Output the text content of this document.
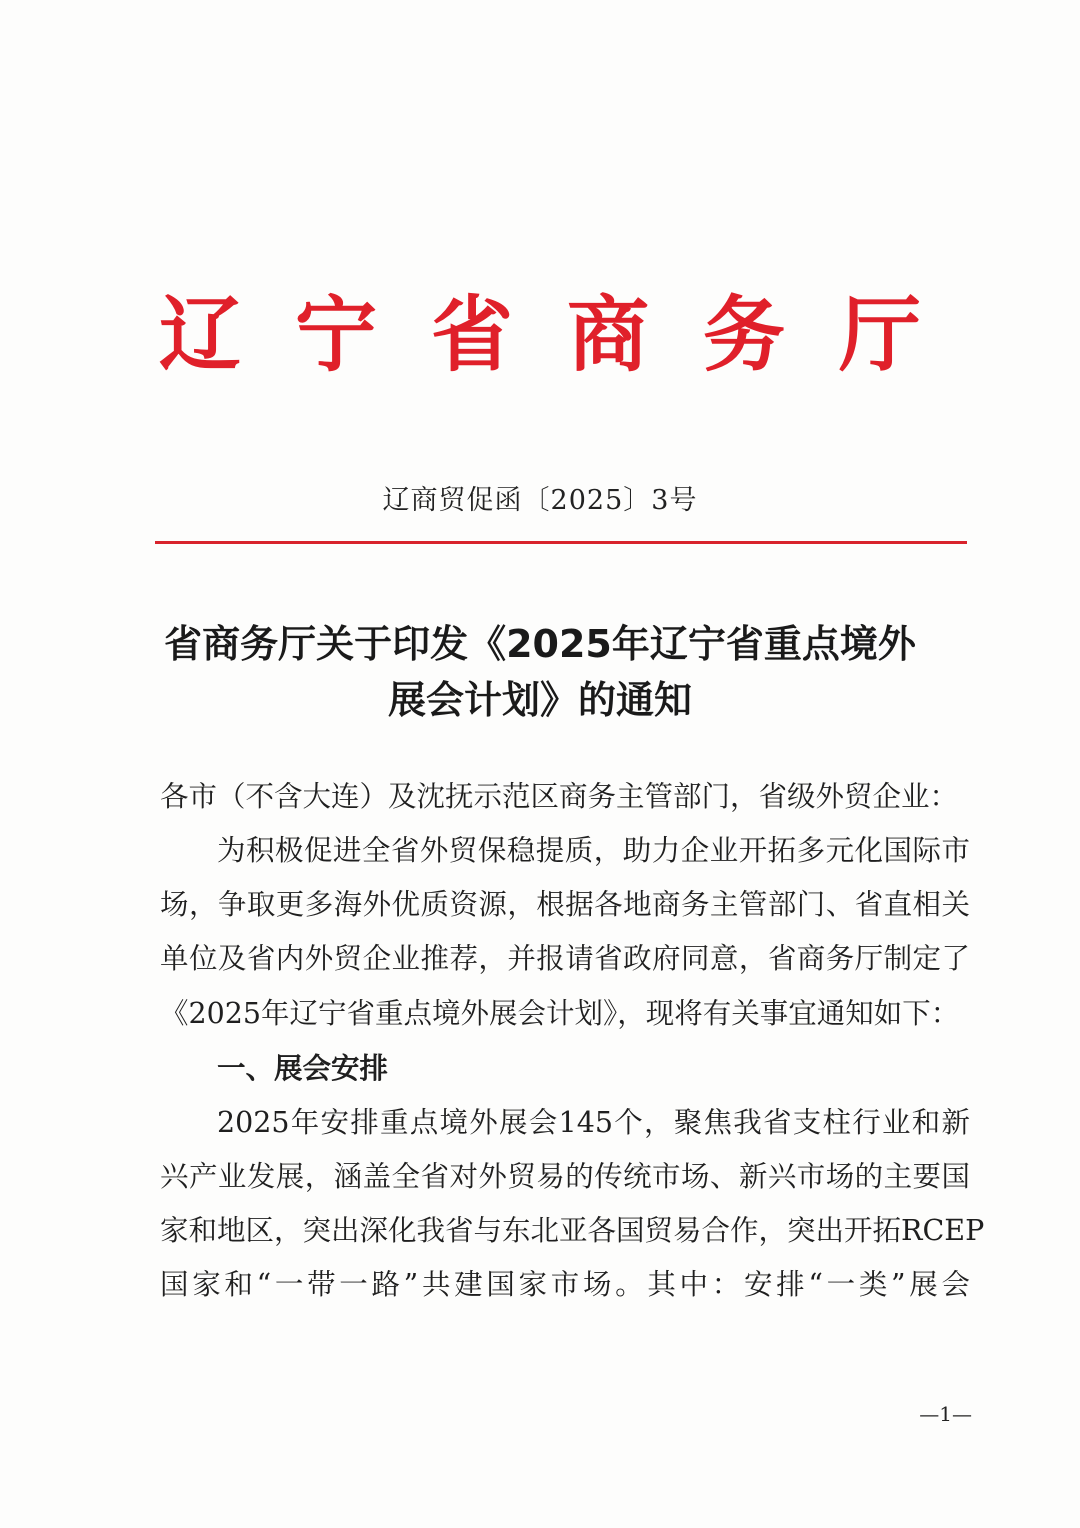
辽 宁 省 商 务 厅
辽商贸促函〔2025〕3号
省商务厅关于印发《2025年辽宁省重点境外
展会计划》的通知
各市（不含大连）及沈抚示范区商务主管部门，省级外贸企业：
为积极促进全省外贸保稳提质，助力企业开拓多元化国际市
场，争取更多海外优质资源，根据各地商务主管部门、省直相关
单位及省内外贸企业推荐，并报请省政府同意，省商务厅制定了
《2025年辽宁省重点境外展会计划》，现将有关事宜通知如下：
一、展会安排
2025年安排重点境外展会145个，聚焦我省支柱行业和新
兴产业发展，涵盖全省对外贸易的传统市场、新兴市场的主要国
家和地区，突出深化我省与东北亚各国贸易合作，突出开拓RCEP
国家和“一带一路”共建国家市场。其中：安排“一类”展会
—1—
